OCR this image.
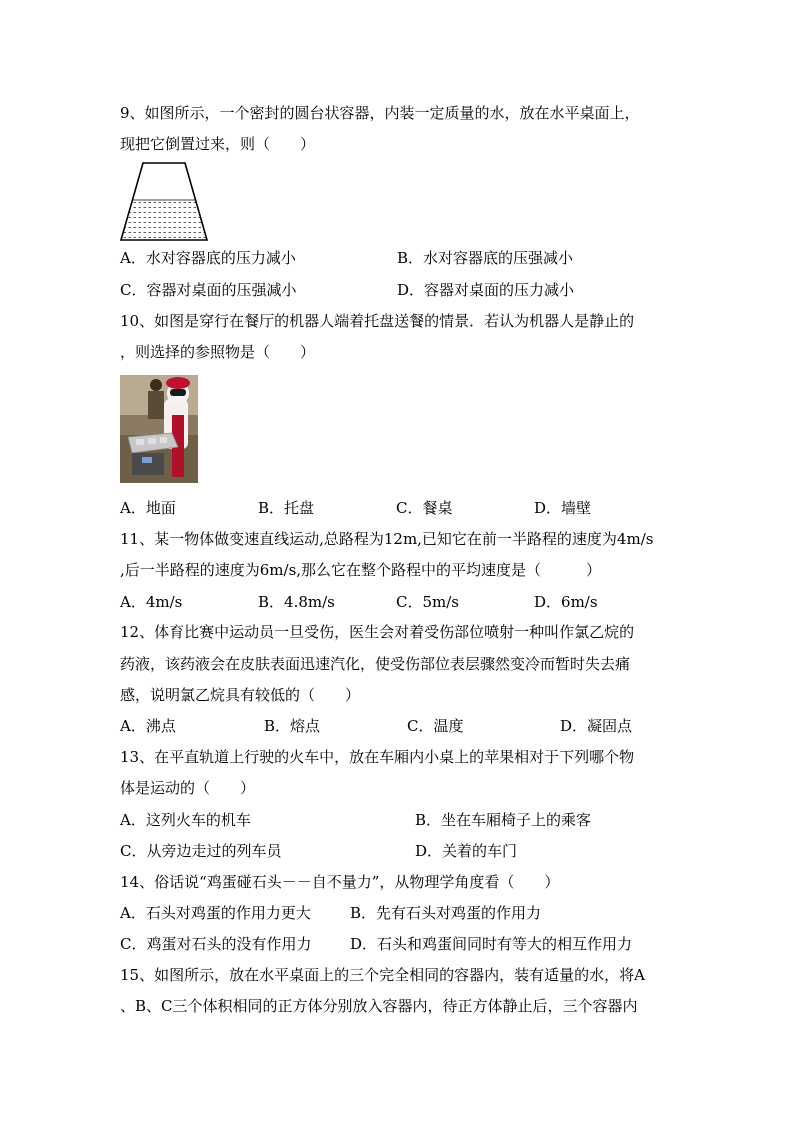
9、如图所示，一个密封的圆台状容器，内装一定质量的水，放在水平桌面上，
现把它倒置过来，则（　　）
A．水对容器底的压力减小	B．水对容器底的压强减小
C．容器对桌面的压强减小	D．容器对桌面的压力减小
10、如图是穿行在餐厅的机器人端着托盘送餐的情景．若认为机器人是静止的
，则选择的参照物是（　　）
A．地面	B．托盘	C．餐桌	D．墙壁
11、某一物体做变速直线运动,总路程为12m,已知它在前一半路程的速度为4m/s
,后一半路程的速度为6m/s,那么它在整个路程中的平均速度是（　　　）
A．4m/s	B．4.8m/s	C．5m/s	D．6m/s
12、体育比赛中运动员一旦受伤，医生会对着受伤部位喷射一种叫作氯乙烷的
药液，该药液会在皮肤表面迅速汽化，使受伤部位表层骤然变冷而暂时失去痛
感，说明氯乙烷具有较低的（　　）
A．沸点	B．熔点	C．温度	D．凝固点
13、在平直轨道上行驶的火车中，放在车厢内小桌上的苹果相对于下列哪个物
体是运动的（　　）
A．这列火车的机车	B．坐在车厢椅子上的乘客
C．从旁边走过的列车员	D．关着的车门
14、俗话说“鸡蛋碰石头－－自不量力”，从物理学角度看（　　）
A．石头对鸡蛋的作用力更大	B．先有石头对鸡蛋的作用力
C．鸡蛋对石头的没有作用力	D．石头和鸡蛋间同时有等大的相互作用力
15、如图所示，放在水平桌面上的三个完全相同的容器内，装有适量的水，将A
、B、C三个体积相同的正方体分别放入容器内，待正方体静止后，三个容器内
